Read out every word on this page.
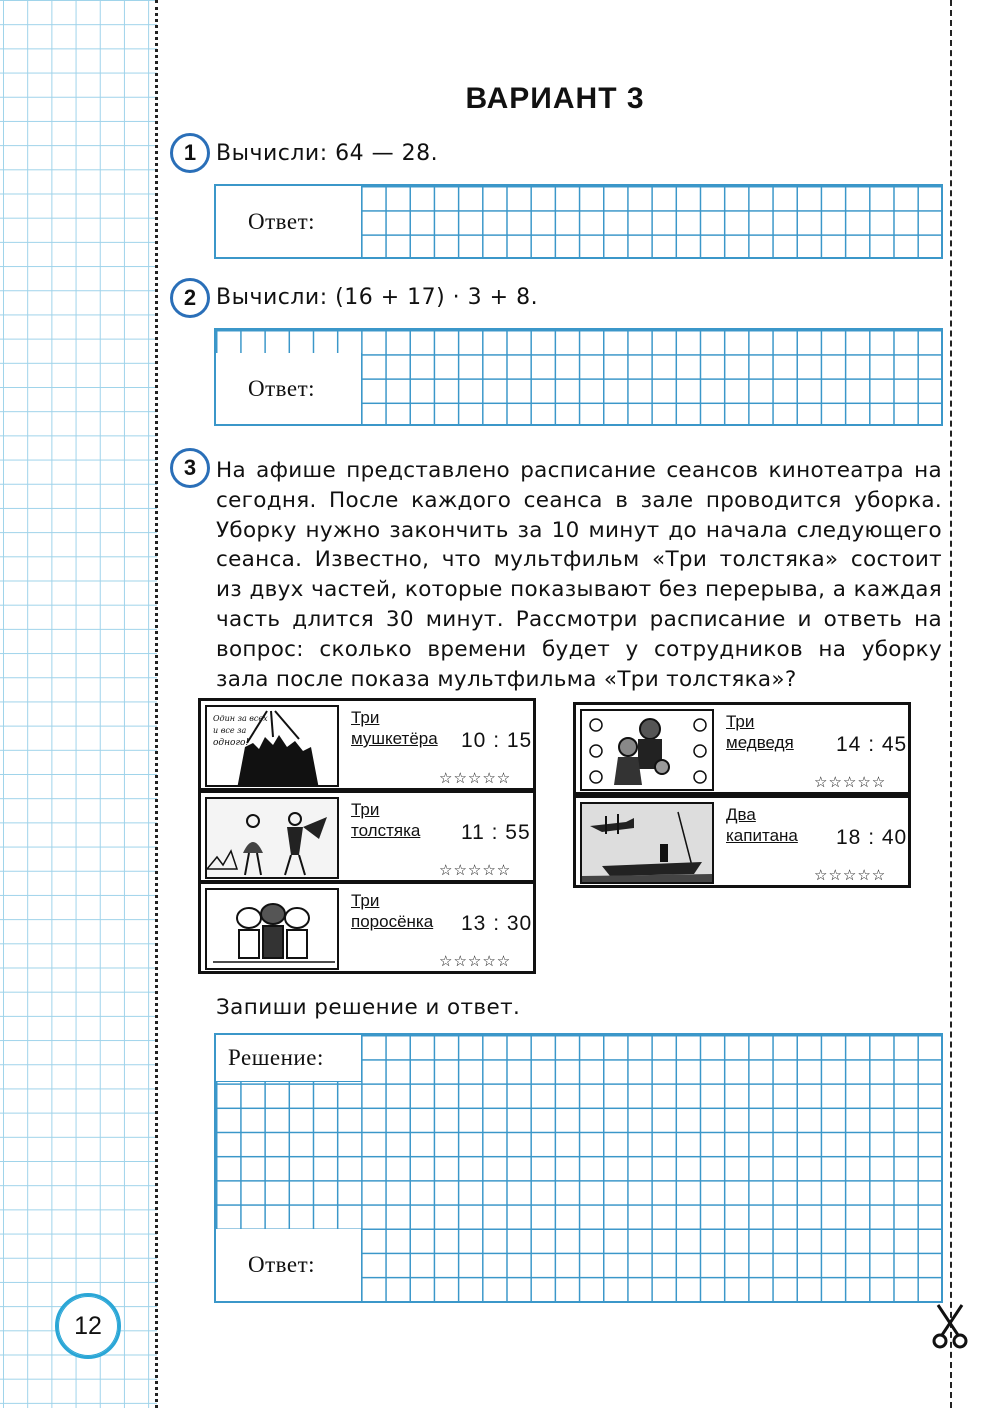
12
ВАРИАНТ 3
1 Вычисли: 64 — 28.
Ответ:
2 Вычисли: (16 + 17) · 3 + 8.
Ответ:
3 На афише представлено расписание сеансов кинотеатра на сегодня. После каждого сеанса в зале проводится уборка. Уборку нужно закончить за 10 минут до начала следующего сеанса. Известно, что мультфильм «Три толстяка» состоит из двух частей, которые показывают без перерыва, а каждая часть длится 30 минут. Рассмотри расписание и ответь на вопрос: сколько времени будет у сотрудников на уборку зала после показа мультфильма «Три толстяка»?
Один за всех
и все за
одного!
Три
мушкетёра 10 : 15
☆☆☆☆☆
Три
толстяка 11 : 55
☆☆☆☆☆
Три
поросёнка 13 : 30
☆☆☆☆☆
Три
медведя 14 : 45
☆☆☆☆☆
Два
капитана 18 : 40
☆☆☆☆☆
Запиши решение и ответ.
Решение:
Ответ:
